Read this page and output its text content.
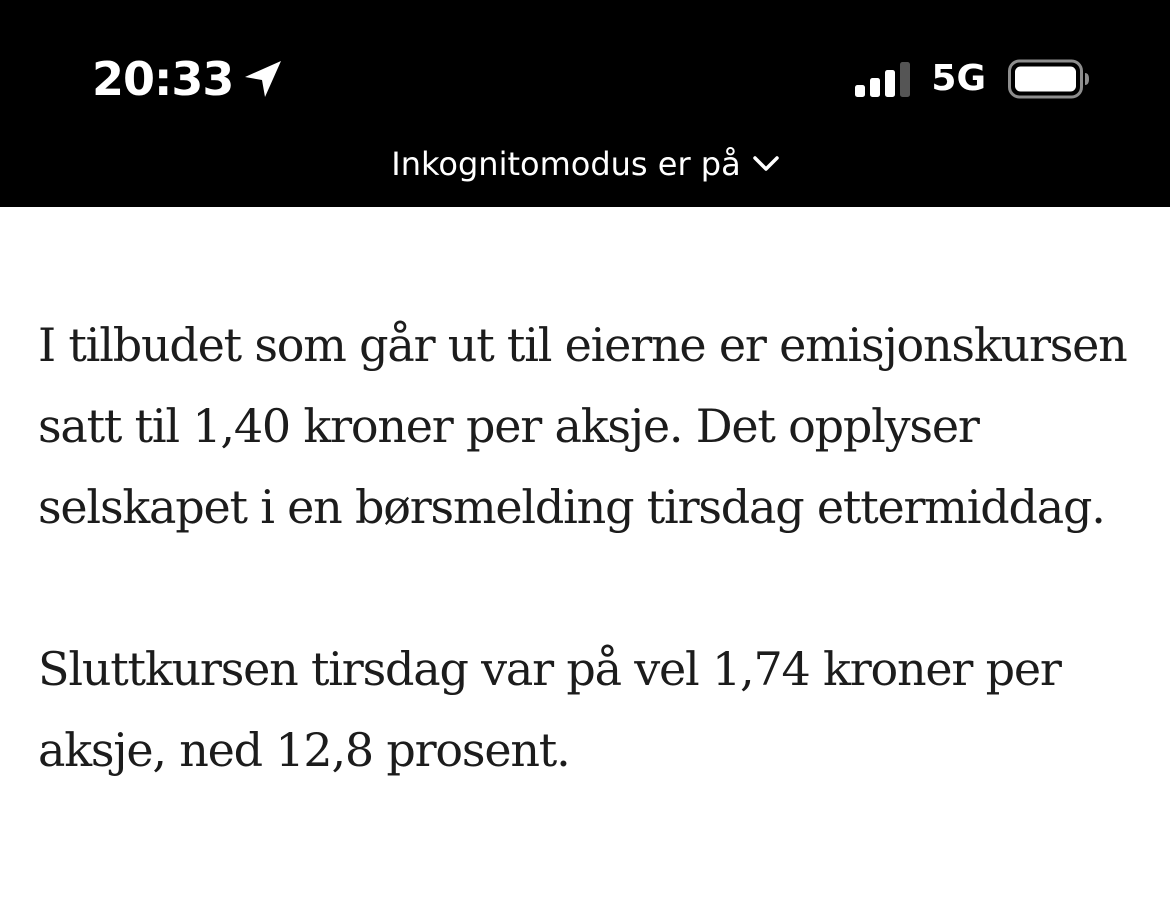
20:33	5G
Inkognitomodus er på

I tilbudet som går ut til eierne er emisjonskursen satt til 1,40 kroner per aksje. Det opplyser selskapet i en børsmelding tirsdag ettermiddag.

Sluttkursen tirsdag var på vel 1,74 kroner per aksje, ned 12,8 prosent.
